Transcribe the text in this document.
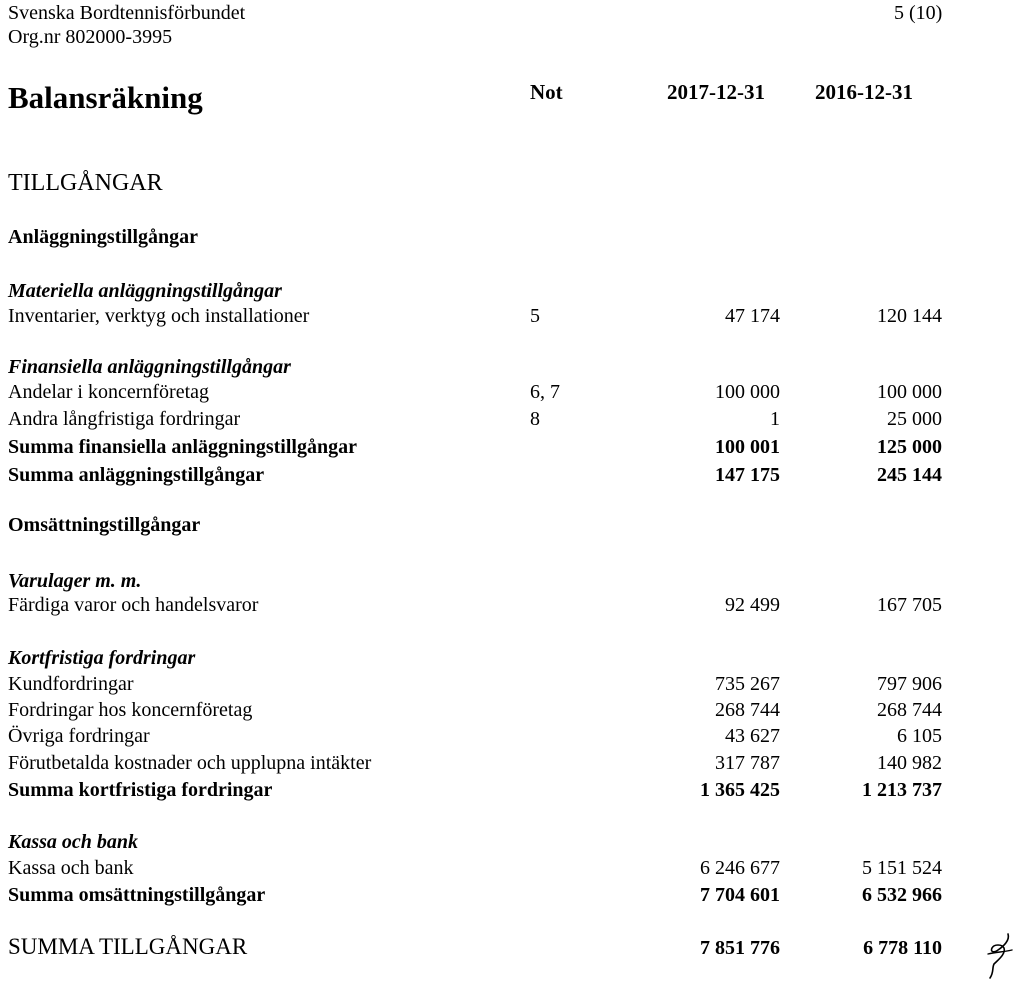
Svenska Bordtennisförbundet
Org.nr 802000-3995
5 (10)
Balansräkning	Not	2017-12-31 2016-12-31
TILLGÅNGAR
Anläggningstillgångar
Materiella anläggningstillgångar
Inventarier, verktyg och installationer	5	47 174	120 144
Finansiella anläggningstillgångar
Andelar i koncernföretag	6, 7	100 000	100 000
Andra långfristiga fordringar	8	1	25 000
Summa finansiella anläggningstillgångar	100 001	125 000
Summa anläggningstillgångar	147 175	245 144
Omsättningstillgångar
Varulager m. m.
Färdiga varor och handelsvaror	92 499	167 705
Kortfristiga fordringar
Kundfordringar	735 267	797 906
Fordringar hos koncernföretag	268 744	268 744
Övriga fordringar	43 627	6 105
Förutbetalda kostnader och upplupna intäkter	317 787	140 982
Summa kortfristiga fordringar	1 365 425	1 213 737
Kassa och bank
Kassa och bank	6 246 677	5 151 524
Summa omsättningstillgångar	7 704 601	6 532 966
SUMMA TILLGÅNGAR	7 851 776	6 778 110
